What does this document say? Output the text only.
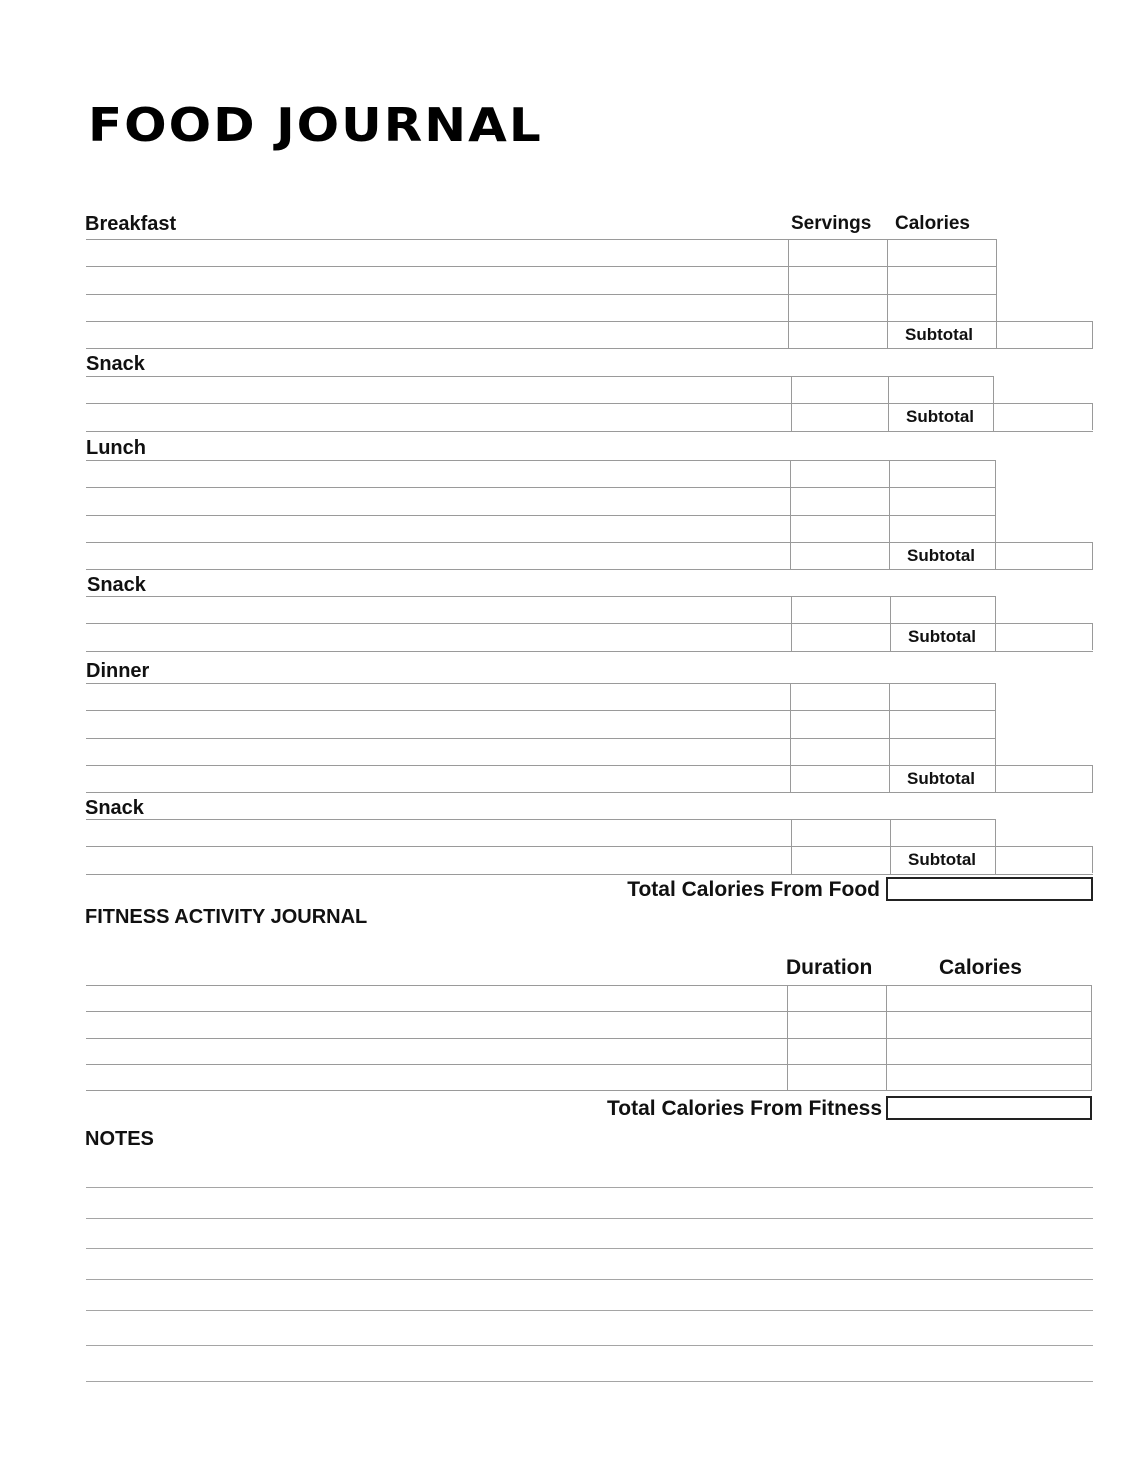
FOOD JOURNAL
Servings Calories
Breakfast
Subtotal
Snack
Subtotal
Lunch
Subtotal
Snack
Subtotal
Dinner
Subtotal
Snack
Subtotal
Total Calories From Food
FITNESS ACTIVITY JOURNAL
Duration	Calories
Total Calories From Fitness
NOTES
